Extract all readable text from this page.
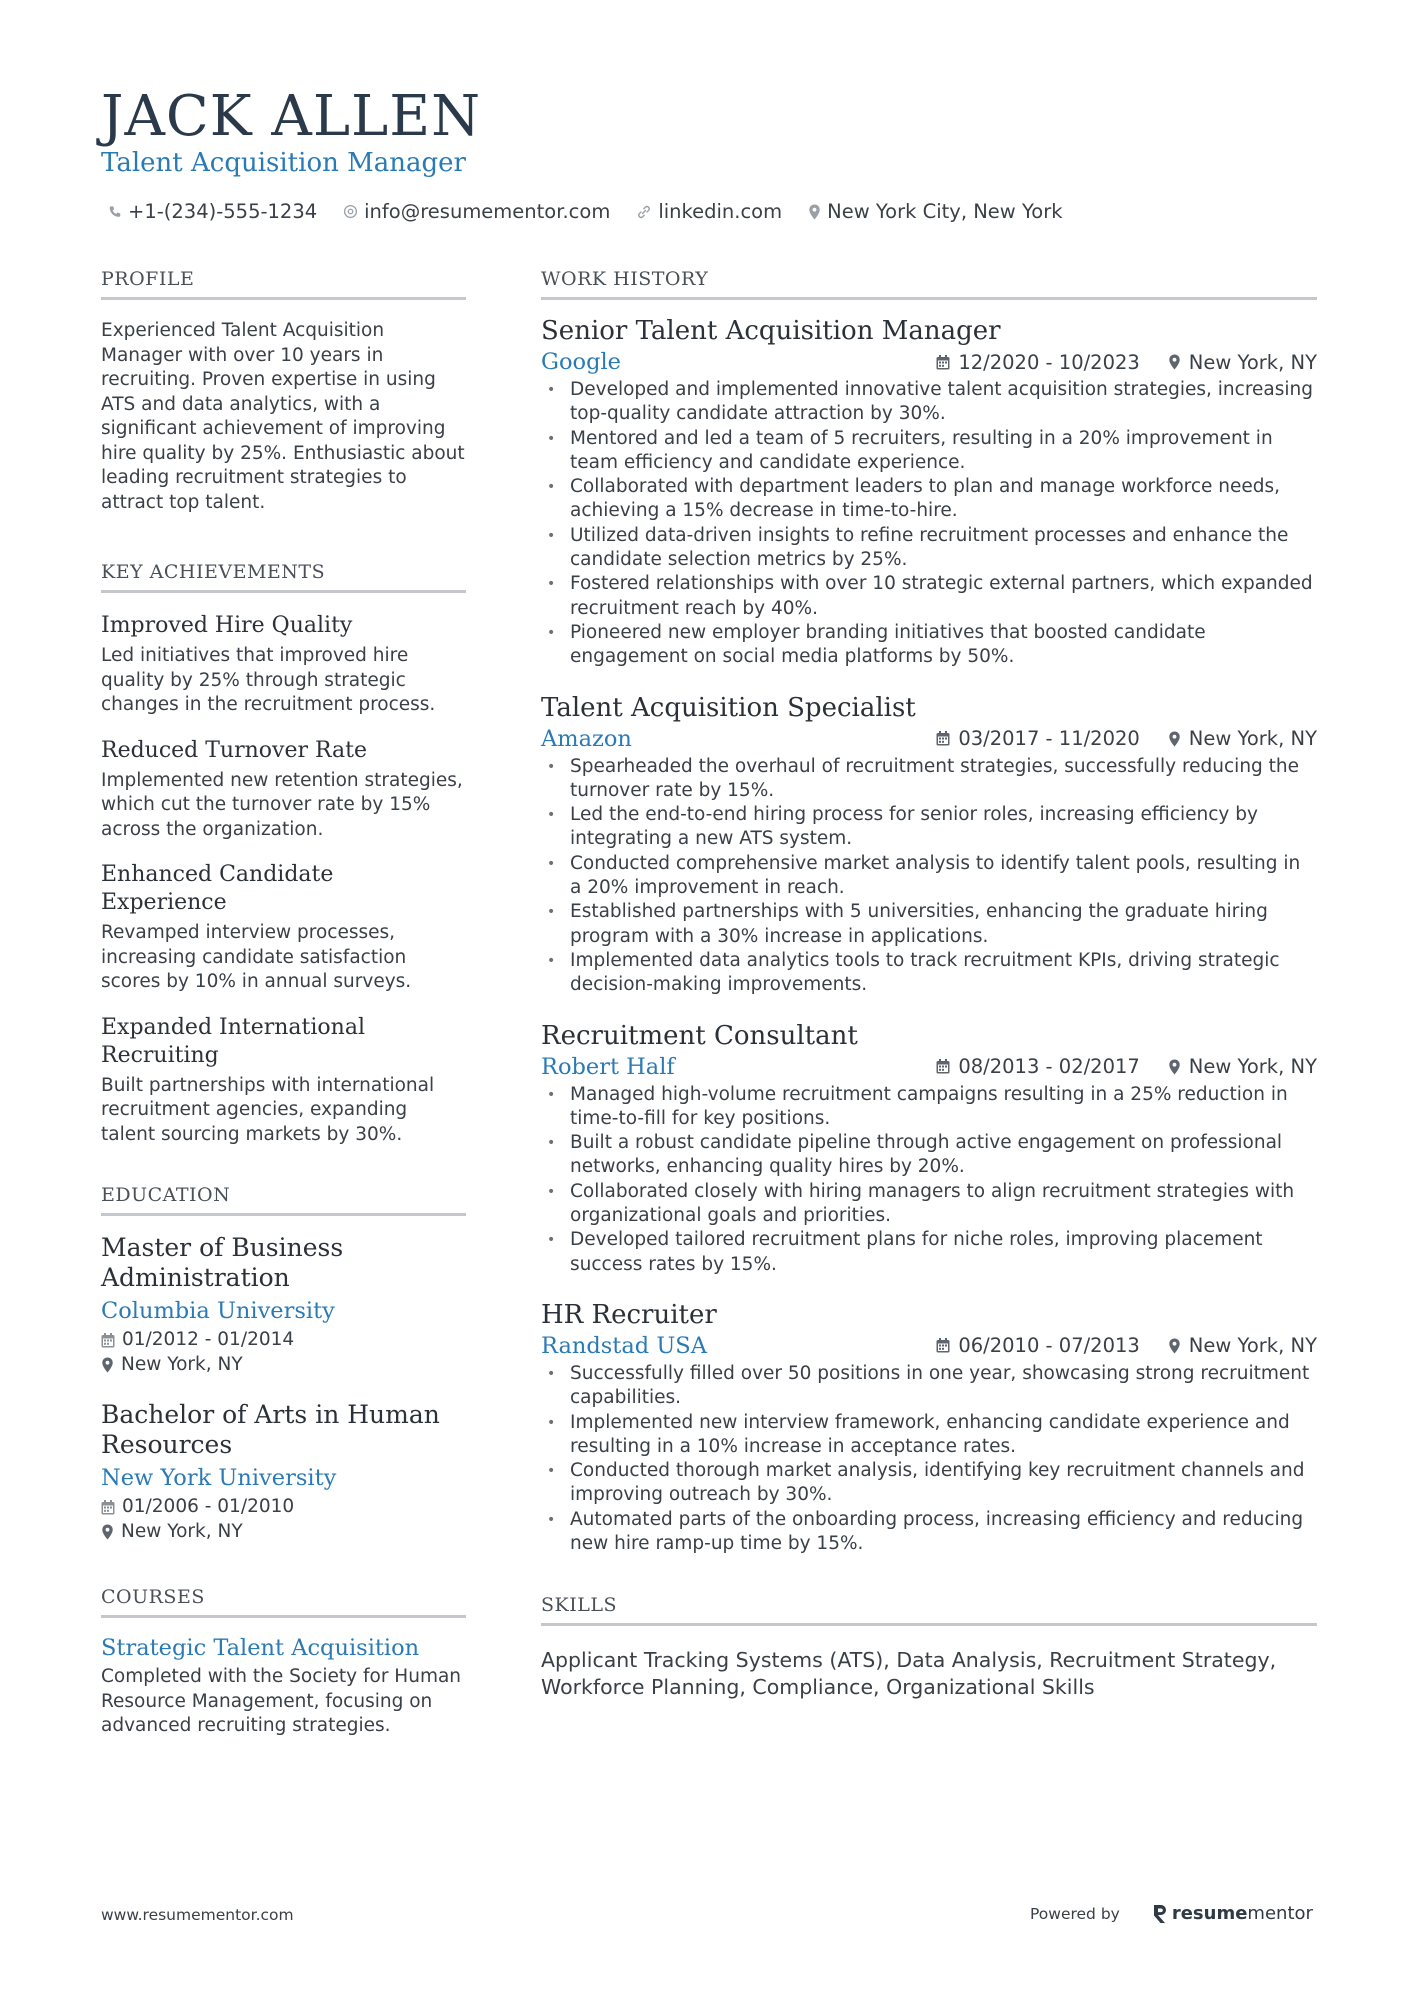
JACK ALLEN
Talent Acquisition Manager
+1-(234)-555-1234 info@resumementor.com linkedin.com New York City, New York
PROFILE

Experienced Talent Acquisition Manager with over 10 years in recruiting. Proven expertise in using ATS and data analytics, with a significant achievement of improving hire quality by 25%. Enthusiastic about leading recruitment strategies to attract top talent.

KEY ACHIEVEMENTS
Improved Hire Quality

Led initiatives that improved hire quality by 25% through strategic changes in the recruitment process.

Reduced Turnover Rate

Implemented new retention strategies, which cut the turnover rate by 15% across the organization.

Enhanced Candidate Experience

Revamped interview processes, increasing candidate satisfaction scores by 10% in annual surveys.

Expanded International Recruiting

Built partnerships with international recruitment agencies, expanding talent sourcing markets by 30%.

EDUCATION
Master of Business Administration
Columbia University
01/2012 - 01/2014
New York, NY
Bachelor of Arts in Human Resources
New York University
01/2006 - 01/2010
New York, NY
COURSES
Strategic Talent Acquisition

Completed with the Society for Human Resource Management, focusing on advanced recruiting strategies.

WORK HISTORY
Senior Talent Acquisition Manager
Google	12/2020 - 10/2023	New York, NY
• Developed and implemented innovative talent acquisition strategies, increasing top-quality candidate attraction by 30%.
• Mentored and led a team of 5 recruiters, resulting in a 20% improvement in team efficiency and candidate experience.
• Collaborated with department leaders to plan and manage workforce needs, achieving a 15% decrease in time-to-hire.
• Utilized data-driven insights to refine recruitment processes and enhance the candidate selection metrics by 25%.
• Fostered relationships with over 10 strategic external partners, which expanded recruitment reach by 40%.
• Pioneered new employer branding initiatives that boosted candidate engagement on social media platforms by 50%.
Talent Acquisition Specialist
Amazon	03/2017 - 11/2020	New York, NY
• Spearheaded the overhaul of recruitment strategies, successfully reducing the turnover rate by 15%.
• Led the end-to-end hiring process for senior roles, increasing efficiency by integrating a new ATS system.
• Conducted comprehensive market analysis to identify talent pools, resulting in a 20% improvement in reach.
• Established partnerships with 5 universities, enhancing the graduate hiring program with a 30% increase in applications.
• Implemented data analytics tools to track recruitment KPIs, driving strategic decision-making improvements.
Recruitment Consultant
Robert Half	08/2013 - 02/2017	New York, NY
• Managed high-volume recruitment campaigns resulting in a 25% reduction in time-to-fill for key positions.
• Built a robust candidate pipeline through active engagement on professional networks, enhancing quality hires by 20%.
• Collaborated closely with hiring managers to align recruitment strategies with organizational goals and priorities.
• Developed tailored recruitment plans for niche roles, improving placement success rates by 15%.
HR Recruiter
Randstad USA	06/2010 - 07/2013	New York, NY
• Successfully filled over 50 positions in one year, showcasing strong recruitment capabilities.
• Implemented new interview framework, enhancing candidate experience and resulting in a 10% increase in acceptance rates.
• Conducted thorough market analysis, identifying key recruitment channels and improving outreach by 30%.
• Automated parts of the onboarding process, increasing efficiency and reducing new hire ramp-up time by 15%.
SKILLS

Applicant Tracking Systems (ATS), Data Analysis, Recruitment Strategy, Workforce Planning, Compliance, Organizational Skills

www.resumementor.com	Powered by	resume mentor
